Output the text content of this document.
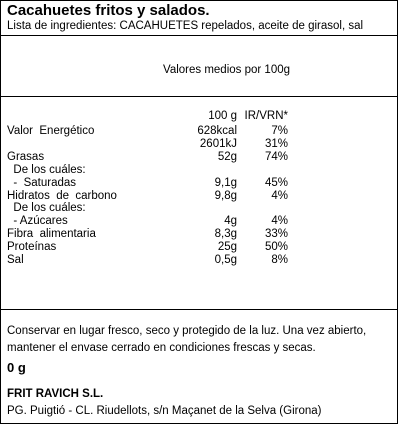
Cacahuetes fritos y salados.
Lista de ingredientes: CACAHUETES repelados, aceite de girasol, sal
Valores medios por 100g
100 g IR/VRN*
Valor  Energético	628kcal	7%
2601kJ 31%
Grasas	52g 74%
De los cuáles:
-  Saturadas	9,1g 45%
Hidratos  de  carbono	9,8g	4%
De los cuáles:
- Azúcares	4g	4%
Fibra  alimentaria	8,3g 33%
Proteínas	25g 50%
Sal	0,5g	8%
Conservar en lugar fresco, seco y protegido de la luz. Una vez abierto, mantener el envase cerrado en condiciones frescas y secas.
0 g
FRIT RAVICH S.L.
PG. Puigtió - CL. Riudellots, s/n Maçanet de la Selva (Girona)
